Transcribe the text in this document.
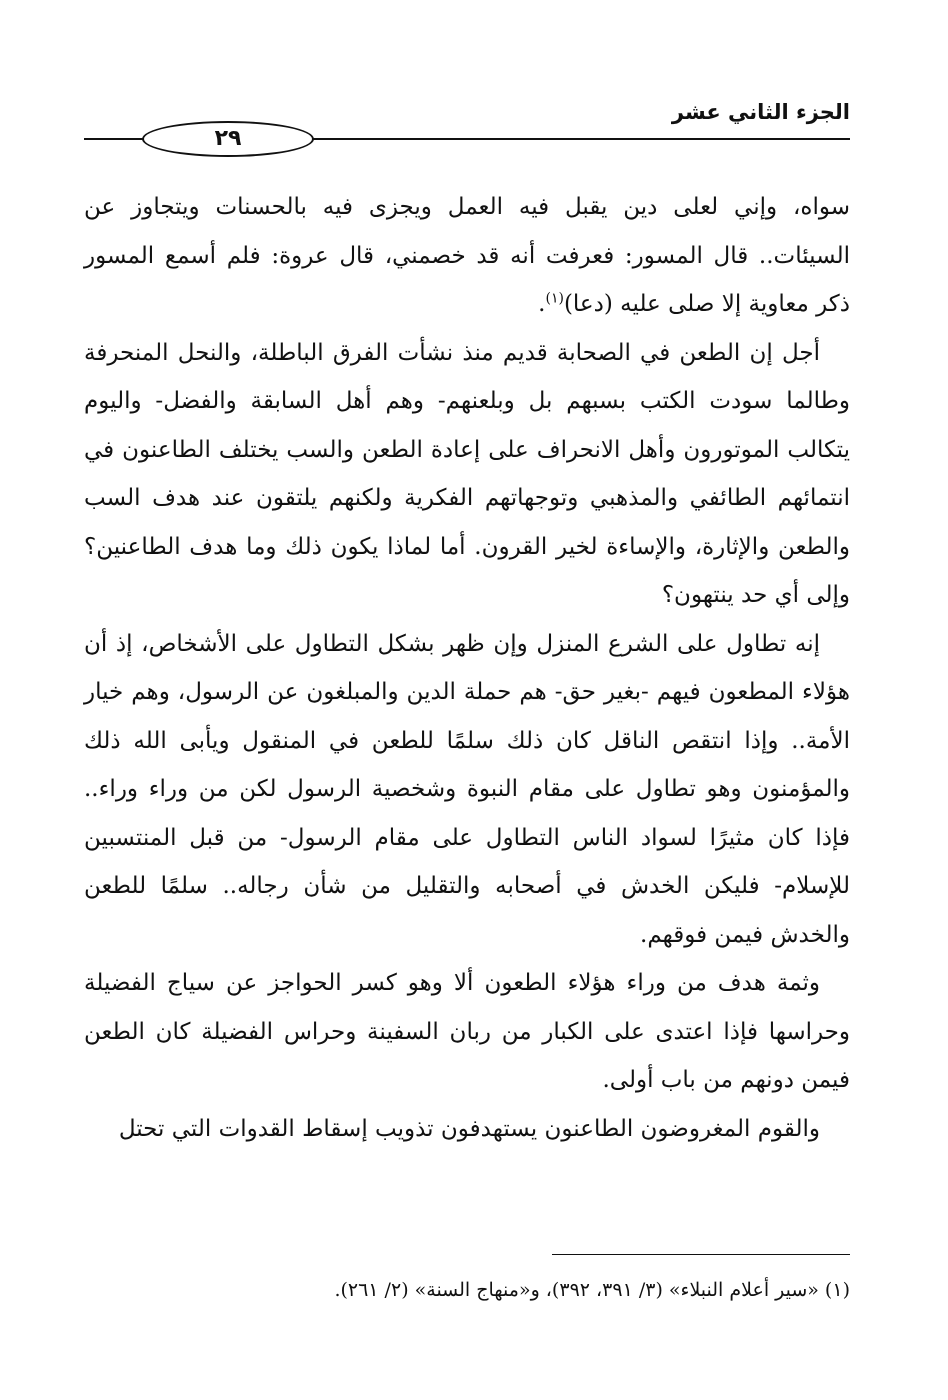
الجزء الثاني عشر
٢٩

سواه، وإني لعلى دين يقبل فيه العمل ويجزى فيه بالحسنات ويتجاوز عن السيئات.. قال المسور: فعرفت أنه قد خصمني، قال عروة: فلم أسمع المسور ذكر معاوية إلا صلى عليه (دعا)$^{(١)}$.

أجل إن الطعن في الصحابة قديم منذ نشأت الفرق الباطلة، والنحل المنحرفة وطالما سودت الكتب بسبهم بل وبلعنهم- وهم أهل السابقة والفضل- واليوم يتكالب الموتورون وأهل الانحراف على إعادة الطعن والسب يختلف الطاعنون في انتمائهم الطائفي والمذهبي وتوجهاتهم الفكرية ولكنهم يلتقون عند هدف السب والطعن والإثارة، والإساءة لخير القرون. أما لماذا يكون ذلك وما هدف الطاعنين؟ وإلى أي حد ينتهون؟

إنه تطاول على الشرع المنزل وإن ظهر بشكل التطاول على الأشخاص، إذ أن هؤلاء المطعون فيهم -بغير حق- هم حملة الدين والمبلغون عن الرسول، وهم خيار الأمة.. وإذا انتقص الناقل كان ذلك سلمًا للطعن في المنقول ويأبى الله ذلك والمؤمنون وهو تطاول على مقام النبوة وشخصية الرسول لكن من وراء وراء.. فإذا كان مثيرًا لسواد الناس التطاول على مقام الرسول- من قبل المنتسبين للإسلام- فليكن الخدش في أصحابه والتقليل من شأن رجاله.. سلمًا للطعن والخدش فيمن فوقهم.

وثمة هدف من وراء هؤلاء الطعون ألا وهو كسر الحواجز عن سياج الفضيلة وحراسها فإذا اعتدى على الكبار من ربان السفينة وحراس الفضيلة كان الطعن فيمن دونهم من باب أولى.

والقوم المغروضون الطاعنون يستهدفون تذويب إسقاط القدوات التي تحتل

(١) «سير أعلام النبلاء» (٣/ ٣٩١، ٣٩٢)، و«منهاج السنة» (٢/ ٢٦١).
